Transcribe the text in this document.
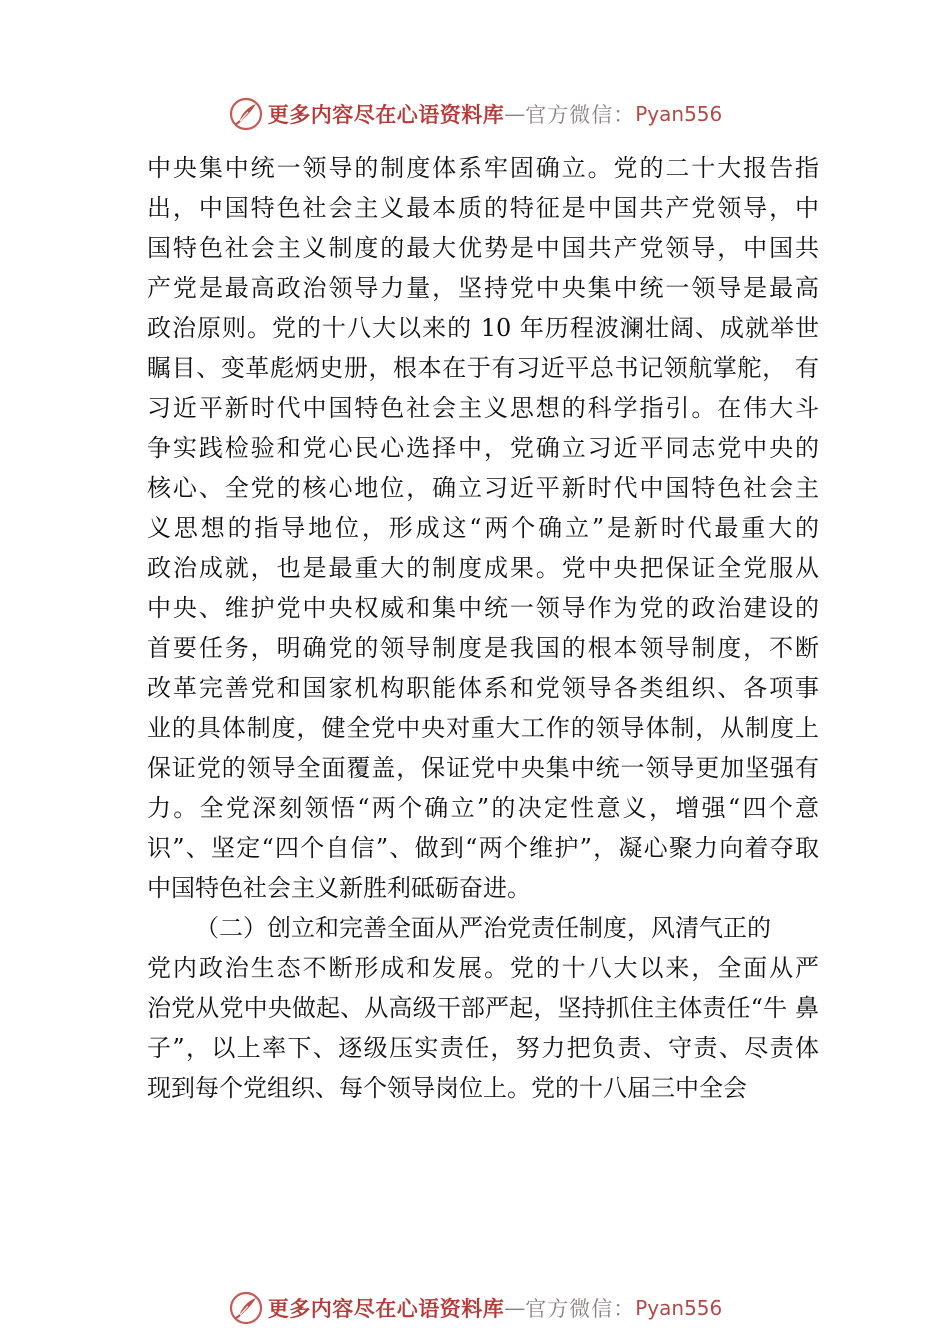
更多内容尽在心语资料库 — 官方微信： Pyan556
中央集中统一领导的制度体系牢固确立。党的二十大报告指
出，中国特色社会主义最本质的特征是中国共产党领导，中
国特色社会主义制度的最大优势是中国共产党领导，中国共
产党是最高政治领导力量，坚持党中央集中统一领导是最高
政治原则。党的十八大以来的 10 年历程波澜壮阔、成就举世
瞩目、变革彪炳史册，根本在于有习近平总书记领航掌舵， 有
习近平新时代中国特色社会主义思想的科学指引。在伟大斗
争实践检验和党心民心选择中，党确立习近平同志党中央的
核心、全党的核心地位，确立习近平新时代中国特色社会主
义思想的指导地位，形成这“两个确立”是新时代最重大的
政治成就，也是最重大的制度成果。党中央把保证全党服从
中央、维护党中央权威和集中统一领导作为党的政治建设的
首要任务，明确党的领导制度是我国的根本领导制度，不断
改革完善党和国家机构职能体系和党领导各类组织、各项事
业的具体制度，健全党中央对重大工作的领导体制，从制度上
保证党的领导全面覆盖，保证党中央集中统一领导更加坚强有
力。全党深刻领悟“两个确立”的决定性意义，增强“四个意
识”、坚定“四个自信”、做到“两个维护”，凝心聚力向着夺取
中国特色社会主义新胜利砥砺奋进。
（二）创立和完善全面从严治党责任制度，风清气正的
党内政治生态不断形成和发展。党的十八大以来，全面从严
治党从党中央做起、从高级干部严起，坚持抓住主体责任“牛 鼻
子”，以上率下、逐级压实责任，努力把负责、守责、尽责体
现到每个党组织、每个领导岗位上。党的十八届三中全会
更多内容尽在心语资料库 — 官方微信： Pyan556
